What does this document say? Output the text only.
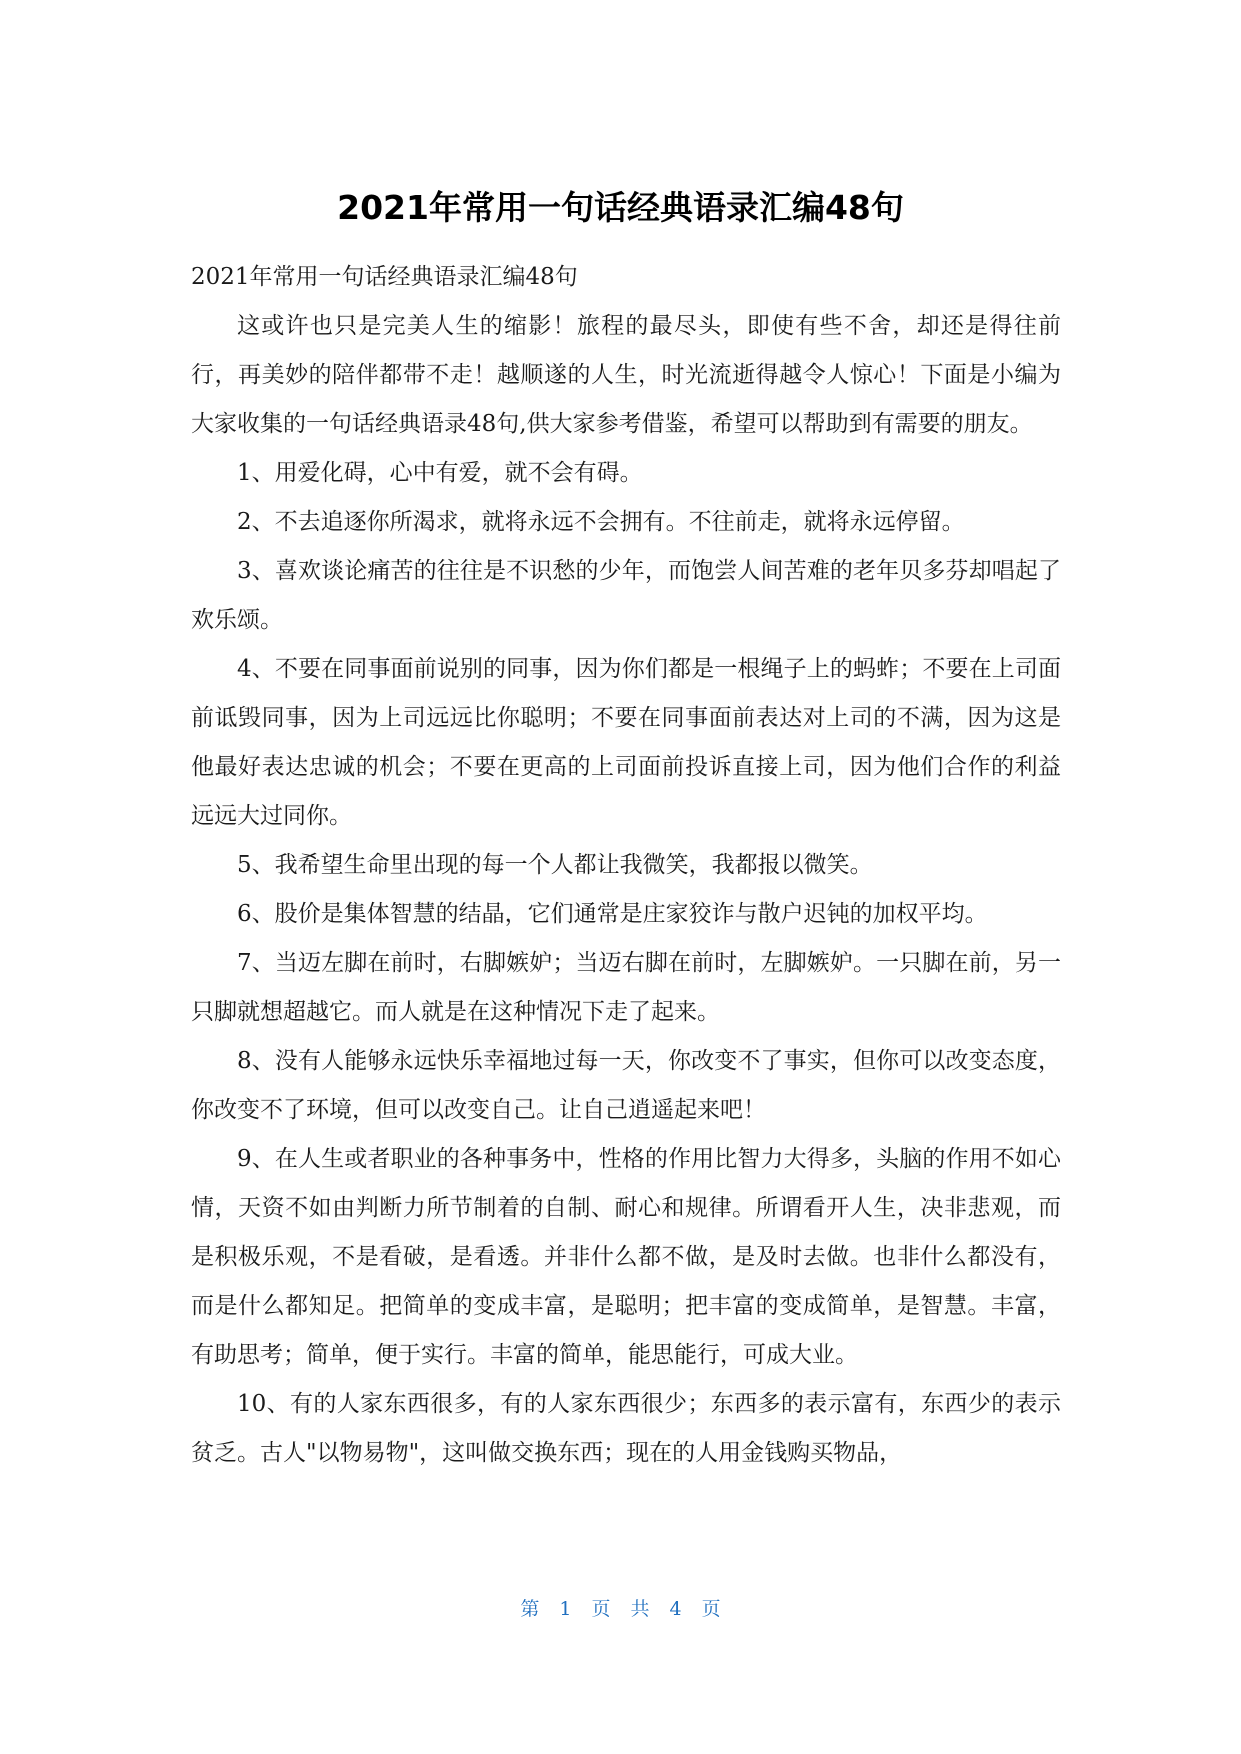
2021年常用一句话经典语录汇编48句

2021年常用一句话经典语录汇编48句

这或许也只是完美人生的缩影！旅程的最尽头，即使有些不舍，却还是得往前行，再美妙的陪伴都带不走！越顺遂的人生，时光流逝得越令人惊心！下面是小编为大家收集的一句话经典语录48句,供大家参考借鉴，希望可以帮助到有需要的朋友。

1、用爱化碍，心中有爱，就不会有碍。

2、不去追逐你所渴求，就将永远不会拥有。不往前走，就将永远停留。

3、喜欢谈论痛苦的往往是不识愁的少年，而饱尝人间苦难的老年贝多芬却唱起了欢乐颂。

4、不要在同事面前说别的同事，因为你们都是一根绳子上的蚂蚱；不要在上司面前诋毁同事，因为上司远远比你聪明；不要在同事面前表达对上司的不满，因为这是他最好表达忠诚的机会；不要在更高的上司面前投诉直接上司，因为他们合作的利益远远大过同你。

5、我希望生命里出现的每一个人都让我微笑，我都报以微笑。

6、股价是集体智慧的结晶，它们通常是庄家狡诈与散户迟钝的加权平均。

7、当迈左脚在前时，右脚嫉妒；当迈右脚在前时，左脚嫉妒。一只脚在前，另一只脚就想超越它。而人就是在这种情况下走了起来。

8、没有人能够永远快乐幸福地过每一天，你改变不了事实，但你可以改变态度，你改变不了环境，但可以改变自己。让自己逍遥起来吧！

9、在人生或者职业的各种事务中，性格的作用比智力大得多，头脑的作用不如心情，天资不如由判断力所节制着的自制、耐心和规律。所谓看开人生，决非悲观，而是积极乐观，不是看破，是看透。并非什么都不做，是及时去做。也非什么都没有，而是什么都知足。把简单的变成丰富，是聪明；把丰富的变成简单，是智慧。丰富，有助思考；简单，便于实行。丰富的简单，能思能行，可成大业。

10、有的人家东西很多，有的人家东西很少；东西多的表示富有，东西少的表示贫乏。古人"以物易物"，这叫做交换东西；现在的人用金钱购买物品，

第 1 页 共 4 页
